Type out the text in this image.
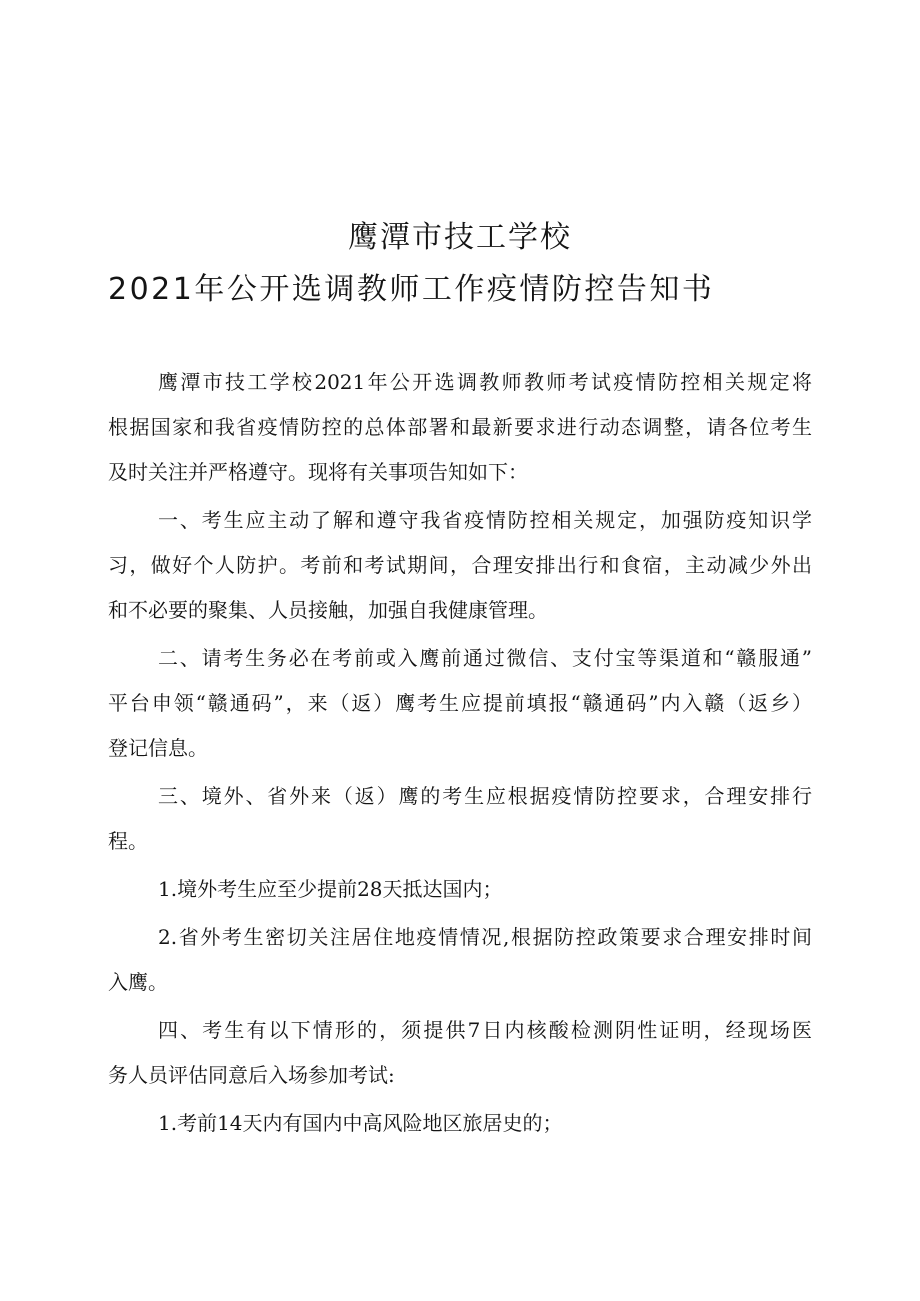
鹰潭市技工学校
2021年公开选调教师工作疫情防控告知书
鹰潭市技工学校2021年公开选调教师教师考试疫情防控相关规定将
根据国家和我省疫情防控的总体部署和最新要求进行动态调整，请各位考生
及时关注并严格遵守。现将有关事项告知如下：
一、考生应主动了解和遵守我省疫情防控相关规定，加强防疫知识学
习，做好个人防护。考前和考试期间，合理安排出行和食宿，主动减少外出
和不必要的聚集、人员接触，加强自我健康管理。
二、请考生务必在考前或入鹰前通过微信、支付宝等渠道和“赣服通”
平台申领“赣通码”，来（返）鹰考生应提前填报“赣通码”内入赣（返乡）
登记信息。
三、境外、省外来（返）鹰的考生应根据疫情防控要求，合理安排行
程。
1.境外考生应至少提前28天抵达国内；
2.省外考生密切关注居住地疫情情况,根据防控政策要求合理安排时间
入鹰。
四、考生有以下情形的，须提供7日内核酸检测阴性证明，经现场医
务人员评估同意后入场参加考试:
1.考前14天内有国内中高风险地区旅居史的；
